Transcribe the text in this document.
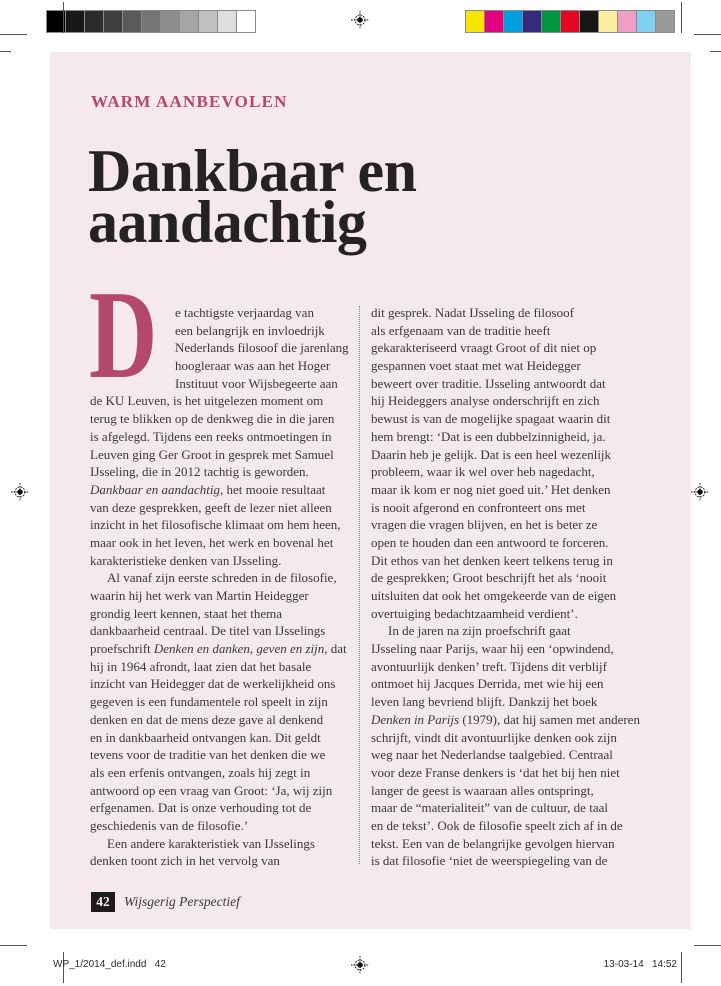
WARM AANBEVOLEN
Dankbaar en
aandachtig
D e tachtigste verjaardag van
een belangrijk en invloedrijk
Nederlands filosoof die jarenlang
hoogleraar was aan het Hoger
Instituut voor Wijsbegeerte aan
de KU Leuven, is het uitgelezen moment om
terug te blikken op de denkweg die in die jaren
is afgelegd. Tijdens een reeks ontmoetingen in
Leuven ging Ger Groot in gesprek met Samuel
IJsseling, die in 2012 tachtig is geworden.
Dankbaar en aandachtig, het mooie resultaat
van deze gesprekken, geeft de lezer niet alleen
inzicht in het filosofische klimaat om hem heen,
maar ook in het leven, het werk en bovenal het
karakteristieke denken van IJsseling.
Al vanaf zijn eerste schreden in de filosofie,
waarin hij het werk van Martin Heidegger
grondig leert kennen, staat het thema
dankbaarheid centraal. De titel van IJsselings
proefschrift Denken en danken, geven en zijn, dat
hij in 1964 afrondt, laat zien dat het basale
inzicht van Heidegger dat de werkelijkheid ons
gegeven is een fundamentele rol speelt in zijn
denken en dat de mens deze gave al denkend
en in dankbaarheid ontvangen kan. Dit geldt
tevens voor de traditie van het denken die we
als een erfenis ontvangen, zoals hij zegt in
antwoord op een vraag van Groot: ‘Ja, wij zijn
erfgenamen. Dat is onze verhouding tot de
geschiedenis van de filosofie.’
Een andere karakteristiek van IJsselings
denken toont zich in het vervolg van
dit gesprek. Nadat IJsseling de filosoof
als erfgenaam van de traditie heeft
gekarakteriseerd vraagt Groot of dit niet op
gespannen voet staat met wat Heidegger
beweert over traditie. IJsseling antwoordt dat
hij Heideggers analyse onderschrijft en zich
bewust is van de mogelijke spagaat waarin dit
hem brengt: ‘Dat is een dubbelzinnigheid, ja.
Daarin heb je gelijk. Dat is een heel wezenlijk
probleem, waar ik wel over heb nagedacht,
maar ik kom er nog niet goed uit.’ Het denken
is nooit afgerond en confronteert ons met
vragen die vragen blijven, en het is beter ze
open te houden dan een antwoord te forceren.
Dit ethos van het denken keert telkens terug in
de gesprekken; Groot beschrijft het als ‘nooit
uitsluiten dat ook het omgekeerde van de eigen
overtuiging bedachtzaamheid verdient’.
In de jaren na zijn proefschrift gaat
IJsseling naar Parijs, waar hij een ‘opwindend,
avontuurlijk denken’ treft. Tijdens dit verblijf
ontmoet hij Jacques Derrida, met wie hij een
leven lang bevriend blijft. Dankzij het boek
Denken in Parijs (1979), dat hij samen met anderen
schrijft, vindt dit avontuurlijke denken ook zijn
weg naar het Nederlandse taalgebied. Centraal
voor deze Franse denkers is ‘dat het bij hen niet
langer de geest is waaraan alles ontspringt,
maar de “materialiteit” van de cultuur, de taal
en de tekst’. Ook de filosofie speelt zich af in de
tekst. Een van de belangrijke gevolgen hiervan
is dat filosofie ‘niet de weerspiegeling van de
42	Wijsgerig Perspectief
WP_1/2014_def.indd   42	13-03-14   14:52
